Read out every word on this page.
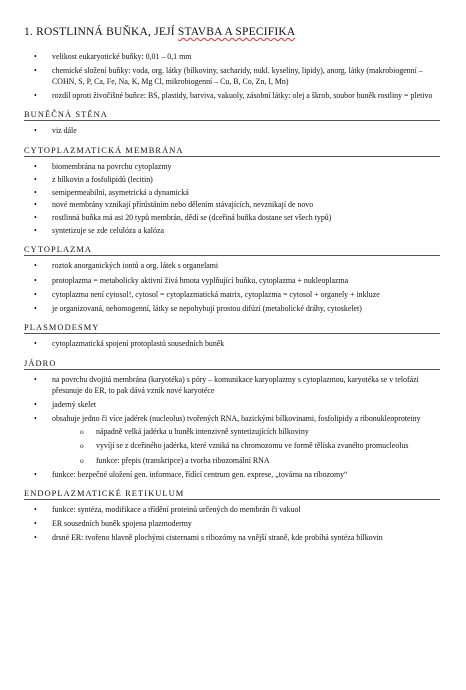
1. ROSTLINNÁ BUŇKA, JEJÍ STAVBA A SPECIFIKA
• velikost eukaryotické buňky: 0,01 – 0,1 mm
• chemické složení buňky: voda, org. látky (bílkoviny, sacharidy, nukl. kyseliny, lipidy), anorg. látky (makrobiogenní – COHN, S, P, Ca, Fe, Na, K, Mg Cl, mikrobiogenní – Cu, B, Co, Zn, I, Mn)
• rozdíl oproti živočišné buňce: BS, plastidy, barviva, vakuoly, zásobní látky: olej a škrob, soubor buněk rostliny = pletivo
BUNĚČNÁ STĚNA
• viz dále
CYTOPLAZMATICKÁ MEMBRÁNA
• biomembrána na povrchu cytoplazmy
• z bílkovin a fosfolipidů (lecitin)
• semipermeabilní, asymetrická a dynamická
• nové membrány vznikají přírůstáním nebo dělením stávajících, nevznikají de novo
• rostlinná buňka má asi 20 typů membrán, dědí se (dceřiná buňka dostane set všech typů)
• syntetizuje se zde celulóza a kalóza
CYTOPLAZMA
• roztok anorganických iontů a org. látek s organelami
• protoplazma = metabolicky aktivní živá hmota vyplňující buňku, cytoplazma + nukleoplazma
• cytoplazma není cytosol!, cytosol = cytoplazmatická matrix, cytoplazma = cytosol + organely + inkluze
• je organizovaná, nehomogenní, látky se nepohybují prostou difúzí (metabolické dráhy, cytoskelet)
PLASMODESMY
• cytoplazmatická spojení protoplastů sousedních buněk
JÁDRO
• na povrchu dvojitá membrána (karyotéka) s póry – komunikace karyoplazmy s cytoplazmou, karyotéka se v telofázi přesunuje do ER, to pak dává vznik nové karyotéce
• jaderný skelet
• obsahuje jedno či více jadérek (nucleolus) tvořených RNA, bazickými bílkovinami, fosfolipidy a ribonukleoproteiny
o nápadně velká jadérka u buněk intenzivně syntetizujících bílkoviny
o vyvíjí se z dceřiného jadérka, které vzniká na chromozomu ve formě tělíska zvaného promucleolus
o funkce: přepis (transkripce) a tvorba ribozomální RNA
• funkce: bezpečné uložení gen. informace, řídící centrum gen. exprese, „továrna na ribozomy“
ENDOPLAZMATICKÉ RETIKULUM
• funkce: syntéza, modifikace a třídění proteinů určených do membrán či vakuol
• ER sousedních buněk spojena plazmodermy
• drsné ER: tvořeno hlavně plochými cisternami s ribozómy na vnější straně, kde probíhá syntéza bílkovin
